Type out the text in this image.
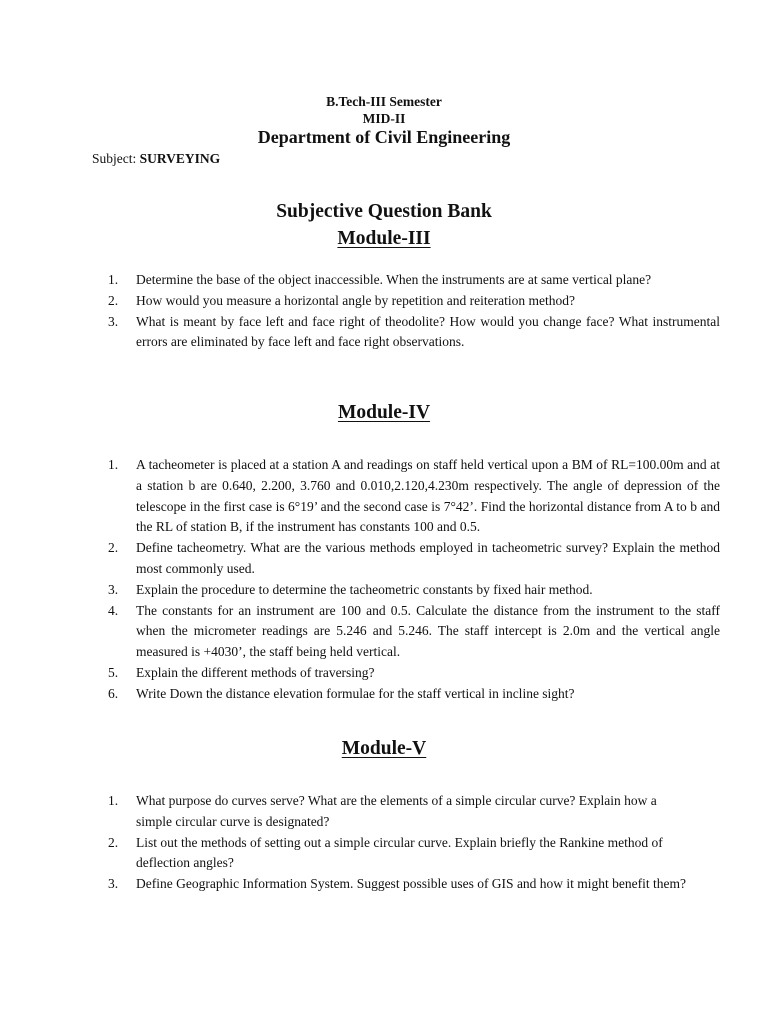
B.Tech-III Semester
MID-II
Department of Civil Engineering
Subject: SURVEYING
Subjective Question Bank
Module-III
1.	Determine the base of the object inaccessible. When the instruments are at same vertical plane?
2.	How would you measure a horizontal angle by repetition and reiteration method?
3.	What is meant by face left and face right of theodolite? How would you change face? What instrumental errors are eliminated by face left and face right observations.
Module-IV
1.	A tacheometer is placed at a station A and readings on staff held vertical upon a BM of RL=100.00m and at a station b are 0.640, 2.200, 3.760 and 0.010,2.120,4.230m respectively. The angle of depression of the telescope in the first case is 6°19’ and the second case is 7°42’. Find the horizontal distance from A to b and the RL of station B, if the instrument has constants 100 and 0.5.
2.	Define tacheometry. What are the various methods employed in tacheometric survey? Explain the method most commonly used.
3.	Explain the procedure to determine the tacheometric constants by fixed hair method.
4.	The constants for an instrument are 100 and 0.5. Calculate the distance from the instrument to the staff when the micrometer readings are 5.246 and 5.246. The staff intercept is 2.0m and the vertical angle measured is +4030’, the staff being held vertical.
5.	Explain the different methods of traversing?
6.	Write Down the distance elevation formulae for the staff vertical in incline sight?
Module-V
1.	What purpose do curves serve? What are the elements of a simple circular curve? Explain how a simple circular curve is designated?
2.	List out the methods of setting out a simple circular curve. Explain briefly the Rankine method of deflection angles?
3.	Define Geographic Information System. Suggest possible uses of GIS and how it might benefit them?
